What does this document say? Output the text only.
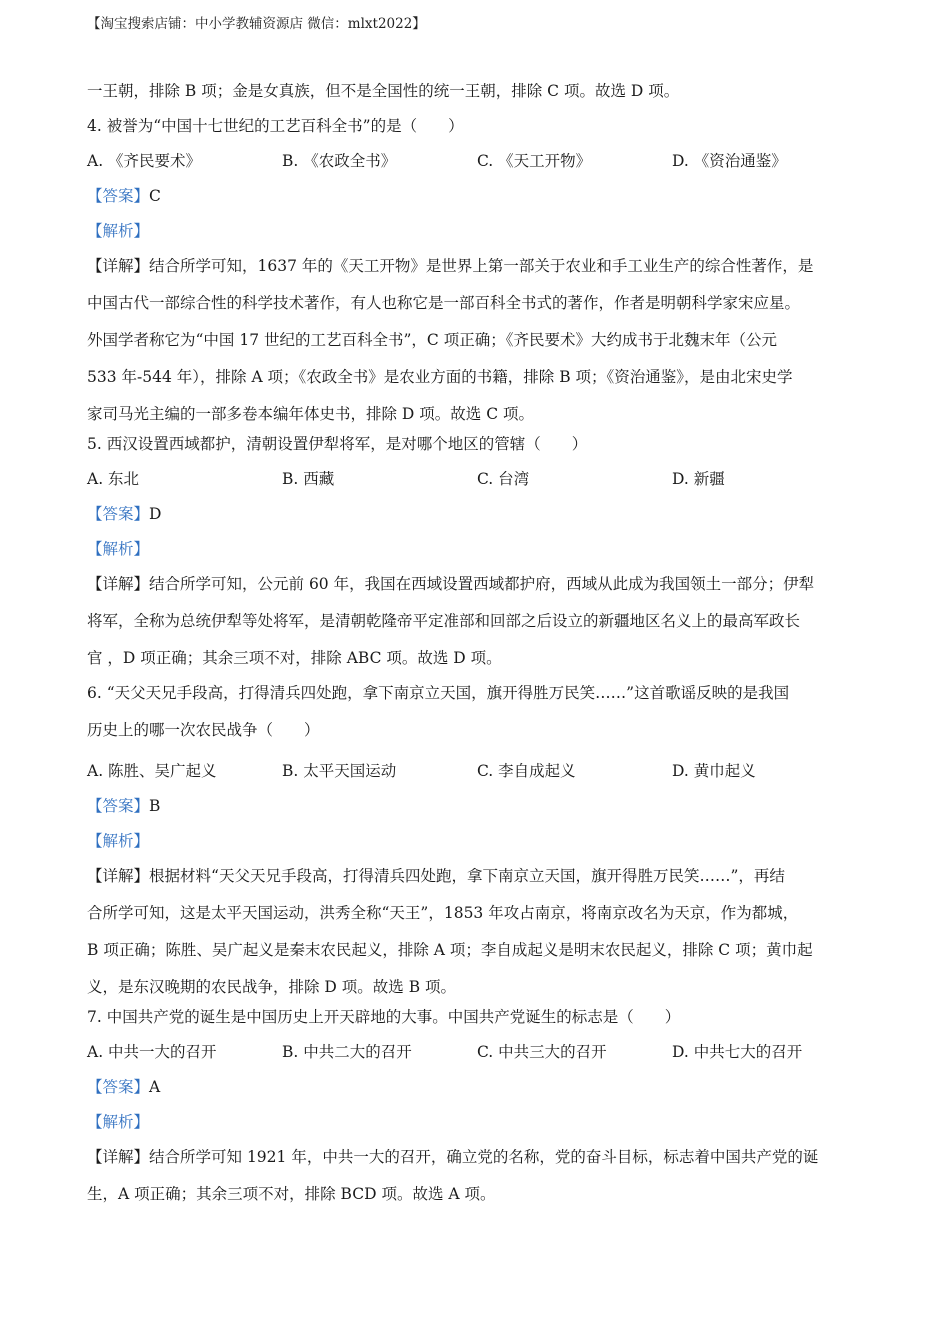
【淘宝搜索店铺：中小学教辅资源店 微信：mlxt2022】
一王朝，排除 B 项；金是女真族，但不是全国性的统一王朝，排除 C 项。故选 D 项。
4. 被誉为“中国十七世纪的工艺百科全书”的是（　　）
A. 《齐民要术》	B. 《农政全书》	C. 《天工开物》	D. 《资治通鉴》
【答案】C
【解析】
【详解】结合所学可知，1637 年的《天工开物》是世界上第一部关于农业和手工业生产的综合性著作，是
中国古代一部综合性的科学技术著作，有人也称它是一部百科全书式的著作，作者是明朝科学家宋应星。
外国学者称它为“中国 17 世纪的工艺百科全书”，C 项正确；《齐民要术》大约成书于北魏末年（公元
533 年-544 年），排除 A 项；《农政全书》是农业方面的书籍，排除 B 项；《资治通鉴》，是由北宋史学
家司马光主编的一部多卷本编年体史书，排除 D 项。故选 C 项。
5. 西汉设置西域都护，清朝设置伊犁将军，是对哪个地区的管辖（　　）
A. 东北	B. 西藏	C. 台湾	D. 新疆
【答案】D
【解析】
【详解】结合所学可知，公元前 60 年，我国在西域设置西域都护府，西域从此成为我国领土一部分；伊犁
将军，全称为总统伊犁等处将军，是清朝乾隆帝平定准部和回部之后设立的新疆地区名义上的最高军政长
官 ，D 项正确；其余三项不对，排除 ABC 项。故选 D 项。
6. “天父天兄手段高，打得清兵四处跑，拿下南京立天国，旗开得胜万民笑……”这首歌谣反映的是我国
历史上的哪一次农民战争（　　）
A. 陈胜、吴广起义	B. 太平天国运动	C. 李自成起义	D. 黄巾起义
【答案】B
【解析】
【详解】根据材料“天父天兄手段高，打得清兵四处跑，拿下南京立天国，旗开得胜万民笑……”，再结
合所学可知，这是太平天国运动，洪秀全称“天王”，1853 年攻占南京，将南京改名为天京，作为都城，
B 项正确；陈胜、吴广起义是秦末农民起义，排除 A 项；李自成起义是明末农民起义，排除 C 项；黄巾起
义，是东汉晚期的农民战争，排除 D 项。故选 B 项。
7. 中国共产党的诞生是中国历史上开天辟地的大事。中国共产党诞生的标志是（　　）
A. 中共一大的召开	B. 中共二大的召开	C. 中共三大的召开	D. 中共七大的召开
【答案】A
【解析】
【详解】结合所学可知 1921 年，中共一大的召开，确立党的名称，党的奋斗目标，标志着中国共产党的诞
生，A 项正确；其余三项不对，排除 BCD 项。故选 A 项。
